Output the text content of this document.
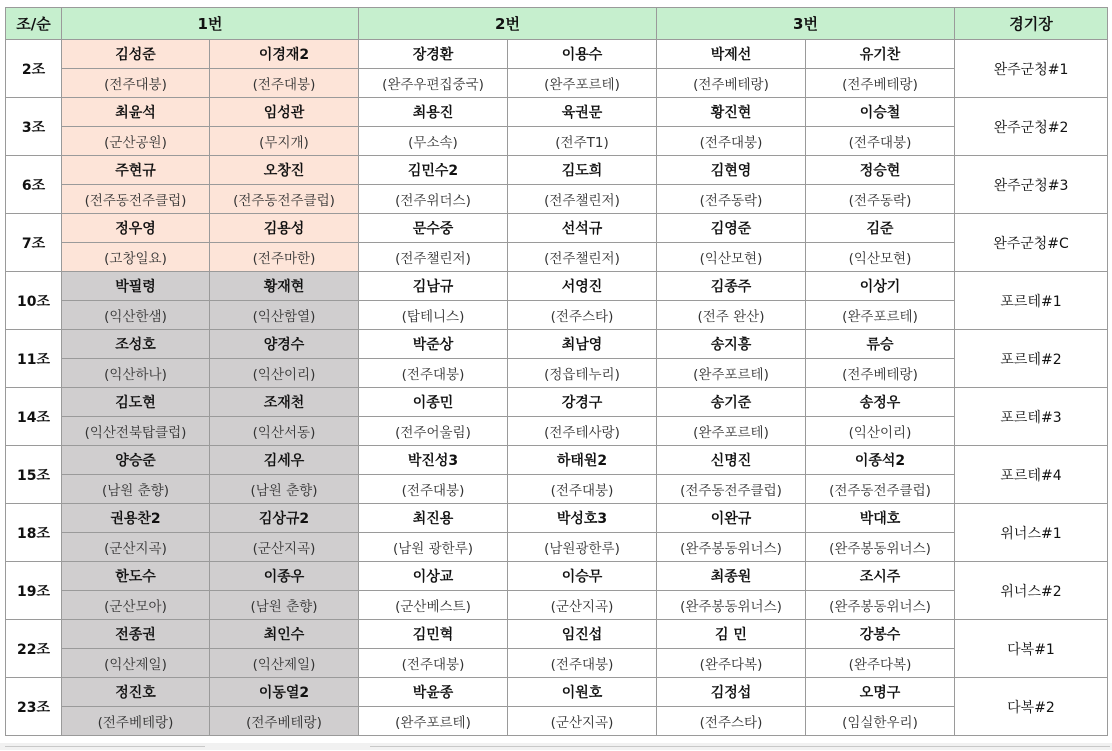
조/순	1번		2번		3번		경기장
2조	김성준	이경재2	장경환	이용수	박제선	유기찬	완주군청#1
	(전주대붕)	(전주대붕)	(완주우편집중국)	(완주포르테)	(전주베테랑)	(전주베테랑)	
3조	최윤석	임성관	최용진	육권문	황진현	이승철	완주군청#2
	(군산공원)	(무지개)	(무소속)	(전주T1)	(전주대붕)	(전주대붕)	
6조	주현규	오창진	김민수2	김도희	김현영	정승현	완주군청#3
	(전주동전주클럽)	(전주동전주클럽)	(전주위더스)	(전주챌린저)	(전주동락)	(전주동락)	
7조	정우영	김용성	문수중	선석규	김영준	김준	완주군청#C
	(고창일요)	(전주마한)	(전주챌린저)	(전주챌린저)	(익산모현)	(익산모현)	
10조	박필령	황재현	김남규	서영진	김종주	이상기	포르테#1
	(익산한샘)	(익산함열)	(탑테니스)	(전주스타)	(전주 완산)	(완주포르테)	
11조	조성호	양경수	박준상	최남영	송지흥	류승	포르테#2
	(익산하나)	(익산이리)	(전주대붕)	(정읍테누리)	(완주포르테)	(전주베테랑)	
14조	김도현	조재천	이종민	강경구	송기준	송정우	포르테#3
	(익산전북탑클럽)	(익산서동)	(전주어울림)	(전주테사랑)	(완주포르테)	(익산이리)	
15조	양승준	김세우	박진성3	하태원2	신명진	이종석2	포르테#4
	(남원 춘향)	(남원 춘향)	(전주대붕)	(전주대붕)	(전주동전주클럽)	(전주동전주클럽)	
18조	권용찬2	김상규2	최진용	박성호3	이완규	박대호	위너스#1
	(군산지곡)	(군산지곡)	(남원 광한루)	(남원광한루)	(완주봉동위너스)	(완주봉동위너스)	
19조	한도수	이종우	이상교	이승무	최종원	조시주	위너스#2
	(군산모아)	(남원 춘향)	(군산베스트)	(군산지곡)	(완주봉동위너스)	(완주봉동위너스)	
22조	전종권	최인수	김민혁	임진섭	김 민	강봉수	다복#1
	(익산제일)	(익산제일)	(전주대붕)	(전주대붕)	(완주다복)	(완주다복)	
23조	정진호	이동열2	박윤종	이원호	김정섭	오명구	다복#2
	(전주베테랑)	(전주베테랑)	(완주포르테)	(군산지곡)	(전주스타)	(임실한우리)	
